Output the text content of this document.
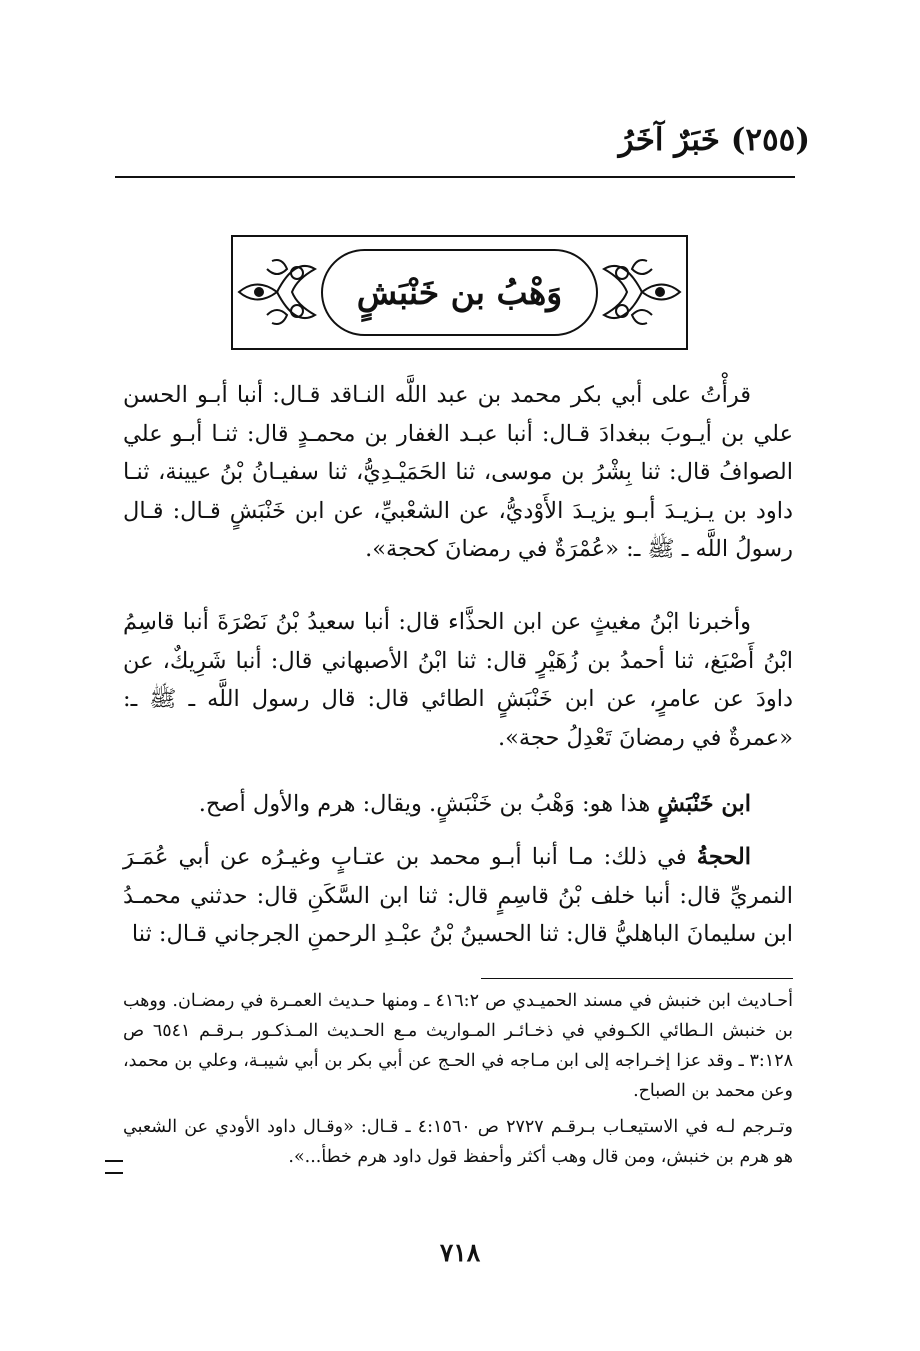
(٢٥٥) خَبَرٌ آخَرُ
وَهْبُ بن خَنْبَشٍ

قرأْتُ على أبي بكر محمد بن عبد اللَّه النـاقد قـال: أنبا أبـو الحسن علي بن أيـوبَ ببغدادَ قـال: أنبا عبـد الغفار بن محمـدٍ قال: ثنـا أبـو علي الصوافُ قال: ثنا بِشْرُ بن موسى، ثنا الحَمَيْـدِيُّ، ثنا سفيـانُ بْنُ عيينة، ثنـا داود بن يـزيـدَ أبـو يزيـدَ الأَوْديُّ، عن الشعْبيِّ، عن ابن خَنْبَشٍ قـال: قـال رسولُ اللَّه ـ ﷺ ـ: «عُمْرَةٌ في رمضانَ كحجة».

وأخبرنا ابْنُ مغيثٍ عن ابن الحذَّاء قال: أنبا سعيدُ بْنُ نَصْرَةَ أنبا قاسِمُ ابْنُ أَصْبَغ، ثنا أحمدُ بن زُهَيْرٍ قال: ثنا ابْنُ الأصبهاني قال: أنبا شَرِيكٌ، عن داودَ عن عامرٍ، عن ابن خَنْبَشٍ الطائي قال: قال رسول اللَّه ـ ﷺ ـ: «عمرةٌ في رمضانَ تَعْدِلُ حجة».

ابن خَنْبَشٍ هذا هو: وَهْبُ بن خَنْبَشٍ. ويقال: هرم والأول أصح.

الحجةُ في ذلك: مـا أنبا أبـو محمد بن عتـابٍ وغيـرُه عن أبي عُمَـرَ النمريِّ قال: أنبا خلف بْنُ قاسِمٍ قال: ثنا ابن السَّكَنِ قال: حدثني محمـدُ ابن سليمانَ الباهليُّ قال: ثنا الحسينُ بْنُ عبْـدِ الرحمنِ الجرجاني قـال: ثنا

أحـاديث ابن خنبش في مسند الحميـدي ص ٤١٦:٢ ـ ومنها حـديث العمـرة في رمضـان. ووهب بن خنبش الـطائي الكـوفي في ذخـائـر المـواريث مـع الحـديث المـذكـور بـرقـم ٦٥٤١ ص ٣:١٢٨ ـ وقد عزا إخـراجه إلى ابن مـاجه في الحـج عن أبي بكر بن أبي شيبـة، وعلي بن محمد، وعن محمد بن الصباح.

وتـرجم لـه في الاستيعـاب بـرقـم ٢٧٢٧ ص ٤:١٥٦٠ ـ قـال: «وقـال داود الأودي عن الشعبي هو هرم بن خنبش، ومن قال وهب أكثر وأحفظ قول داود هرم خطأ...».

٧١٨
